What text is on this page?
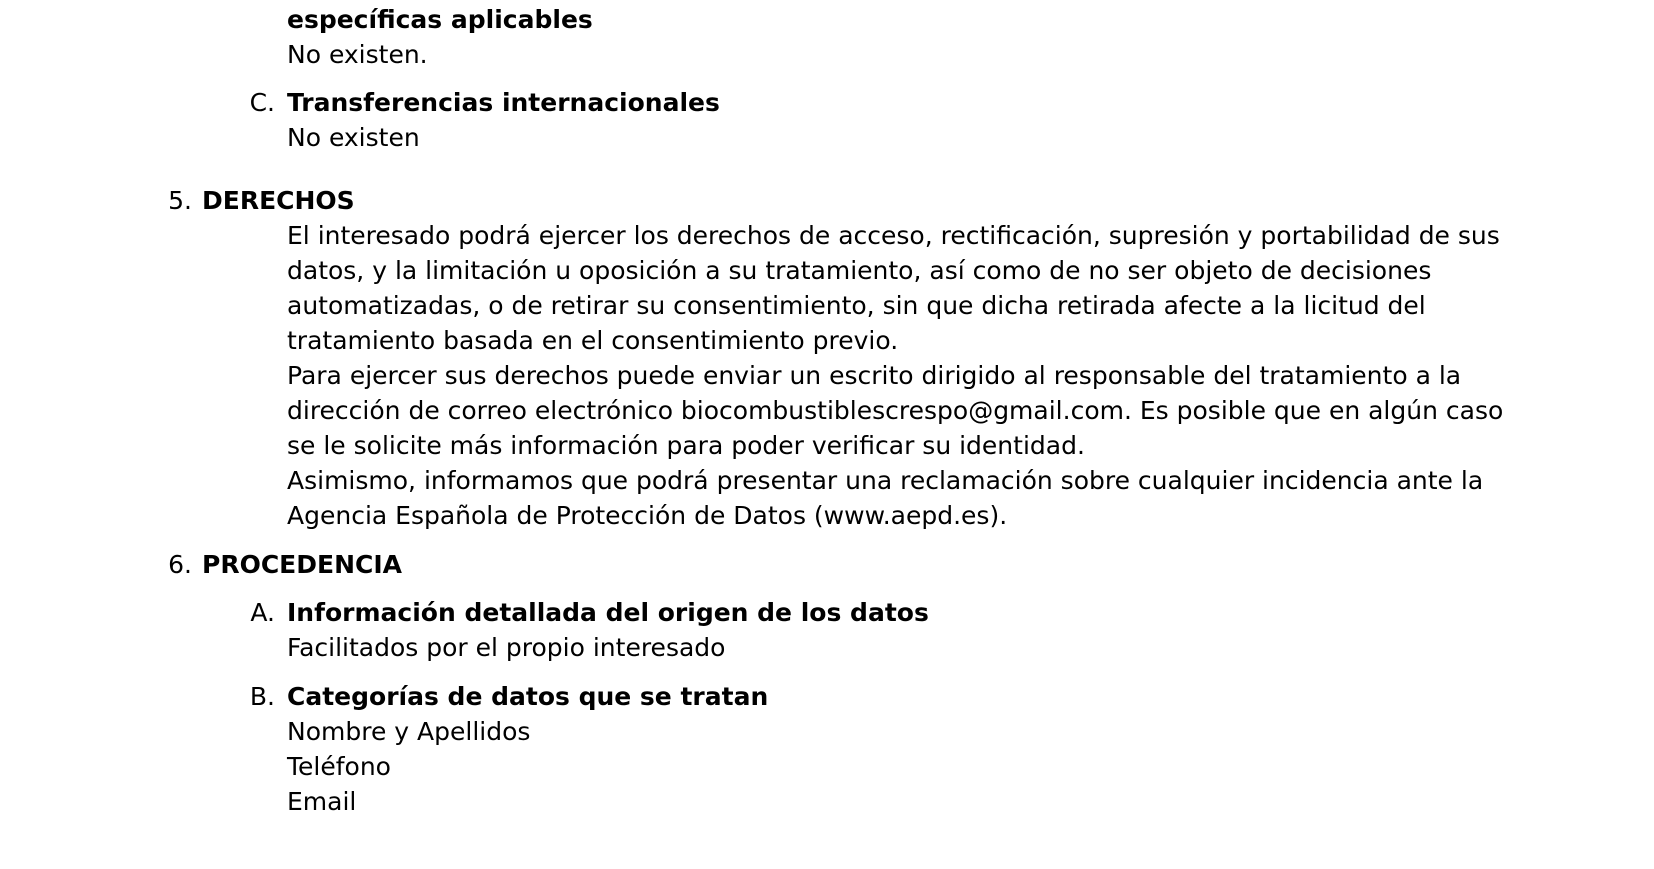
específicas aplicables
No existen.
C. Transferencias internacionales
No existen
5. DERECHOS
El interesado podrá ejercer los derechos de acceso, rectificación, supresión y portabilidad de sus
datos, y la limitación u oposición a su tratamiento, así como de no ser objeto de decisiones
automatizadas, o de retirar su consentimiento, sin que dicha retirada afecte a la licitud del
tratamiento basada en el consentimiento previo.
Para ejercer sus derechos puede enviar un escrito dirigido al responsable del tratamiento a la
dirección de correo electrónico biocombustiblescrespo@gmail.com. Es posible que en algún caso
se le solicite más información para poder verificar su identidad.
Asimismo, informamos que podrá presentar una reclamación sobre cualquier incidencia ante la
Agencia Española de Protección de Datos (www.aepd.es).
6. PROCEDENCIA
A. Información detallada del origen de los datos
Facilitados por el propio interesado
B. Categorías de datos que se tratan
Nombre y Apellidos
Teléfono
Email
